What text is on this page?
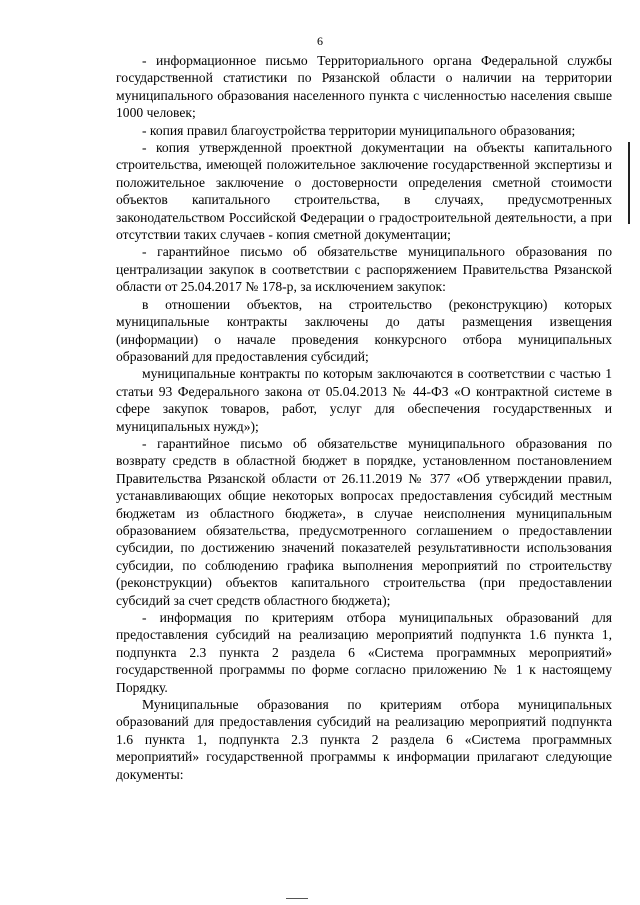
6

- информационное письмо Территориального органа Федеральной службы государственной статистики по Рязанской области о наличии на территории муниципального образования населенного пункта с численностью населения свыше 1000 человек;

- копия правил благоустройства территории муниципального образования;

- копия утвержденной проектной документации на объекты капитального строительства, имеющей положительное заключение государственной экспертизы и положительное заключение о достоверности определения сметной стоимости объектов капитального строительства, в случаях, предусмотренных законодательством Российской Федерации о градостроительной деятельности, а при отсутствии таких случаев - копия сметной документации;

- гарантийное письмо об обязательстве муниципального образования по централизации закупок в соответствии с распоряжением Правительства Рязанской области от 25.04.2017 № 178-р, за исключением закупок:

в отношении объектов, на строительство (реконструкцию) которых муниципальные контракты заключены до даты размещения извещения (информации) о начале проведения конкурсного отбора муниципальных образований для предоставления субсидий;

муниципальные контракты по которым заключаются в соответствии с частью 1 статьи 93 Федерального закона от 05.04.2013 № 44-ФЗ «О контрактной системе в сфере закупок товаров, работ, услуг для обеспечения государственных и муниципальных нужд»);

- гарантийное письмо об обязательстве муниципального образования по возврату средств в областной бюджет в порядке, установленном постановлением Правительства Рязанской области от 26.11.2019 № 377 «Об утверждении правил, устанавливающих общие некоторых вопросах предоставления субсидий местным бюджетам из областного бюджета», в случае неисполнения муниципальным образованием обязательства, предусмотренного соглашением о предоставлении субсидии, по достижению значений показателей результативности использования субсидии, по соблюдению графика выполнения мероприятий по строительству (реконструкции) объектов капитального строительства (при предоставлении субсидий за счет средств областного бюджета);

- информация по критериям отбора муниципальных образований для предоставления субсидий на реализацию мероприятий подпункта 1.6 пункта 1, подпункта 2.3 пункта 2 раздела 6 «Система программных мероприятий» государственной программы по форме согласно приложению № 1 к настоящему Порядку.

Муниципальные образования по критериям отбора муниципальных образований для предоставления субсидий на реализацию мероприятий подпункта 1.6 пункта 1, подпункта 2.3 пункта 2 раздела 6 «Система программных мероприятий» государственной программы к информации прилагают следующие документы:
